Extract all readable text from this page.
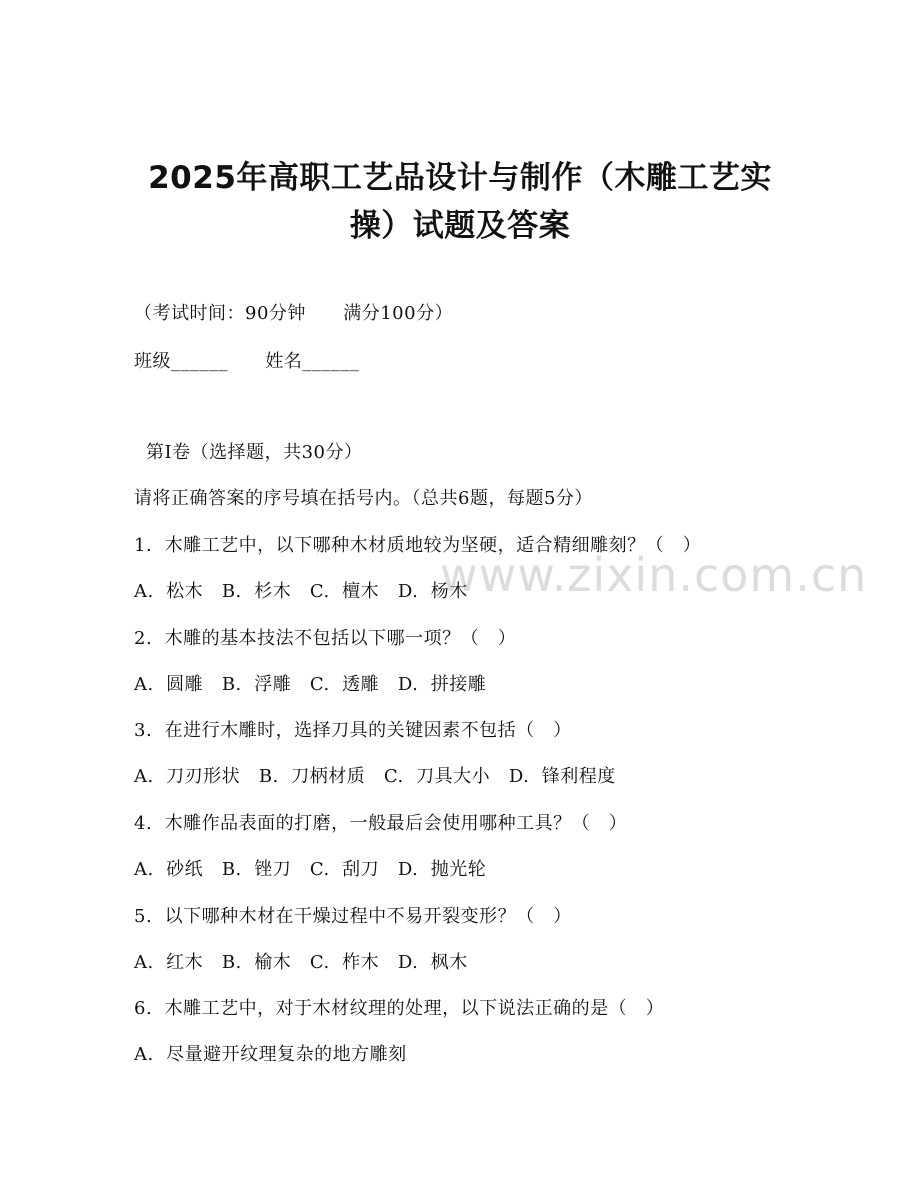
2025年高职工艺品设计与制作（木雕工艺实
操）试题及答案

（考试时间：90分钟      满分100分）

班级______      姓名______

第Ⅰ卷（选择题，共30分）

请将正确答案的序号填在括号内。（总共6题，每题5分）

www.zixin.com.cn

1.  木雕工艺中，以下哪种木材质地较为坚硬，适合精细雕刻？（   ）

A.  松木   B.  杉木   C.  檀木   D.  杨木

2.  木雕的基本技法不包括以下哪一项？（   ）

A.  圆雕   B.  浮雕   C.  透雕   D.  拼接雕

3.  在进行木雕时，选择刀具的关键因素不包括（   ）

A.  刀刃形状   B.  刀柄材质   C.  刀具大小   D.  锋利程度

4.  木雕作品表面的打磨，一般最后会使用哪种工具？（   ）

A.  砂纸   B.  锉刀   C.  刮刀   D.  抛光轮

5.  以下哪种木材在干燥过程中不易开裂变形？（   ）

A.  红木   B.  榆木   C.  柞木   D.  枫木

6.  木雕工艺中，对于木材纹理的处理，以下说法正确的是（   ）

A.  尽量避开纹理复杂的地方雕刻
